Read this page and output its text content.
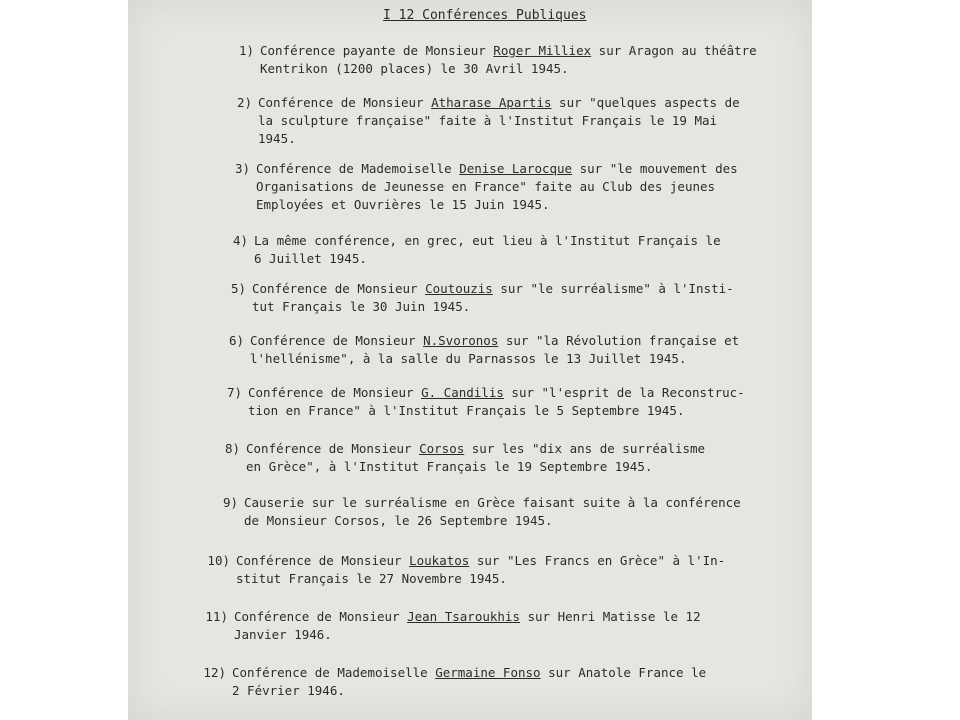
I 12 Conférences Publiques
1) Conférence payante de Monsieur Roger Milliex sur Aragon au théâtre
Kentrikon (1200 places) le 30 Avril 1945.
2) Conférence de Monsieur Atharase Apartis sur "quelques aspects de
la sculpture française" faite à l'Institut Français le 19 Mai
1945.
3) Conférence de Mademoiselle Denise Larocque sur "le mouvement des
Organisations de Jeunesse en France" faite au Club des jeunes
Employées et Ouvrières le 15 Juin 1945.
4) La même conférence, en grec, eut lieu à l'Institut Français le
6 Juillet 1945.
5) Conférence de Monsieur Coutouzis sur "le surréalisme" à l'Insti-
tut Français le 30 Juin 1945.
6) Conférence de Monsieur N.Svoronos sur "la Révolution française et
l'hellénisme", à la salle du Parnassos le 13 Juillet 1945.
7) Conférence de Monsieur G. Candilis sur "l'esprit de la Reconstruc-
tion en France" à l'Institut Français le 5 Septembre 1945.
8) Conférence de Monsieur Corsos sur les "dix ans de surréalisme
en Grèce", à l'Institut Français le 19 Septembre 1945.
9) Causerie sur le surréalisme en Grèce faisant suite à la conférence
de Monsieur Corsos, le 26 Septembre 1945.
10) Conférence de Monsieur Loukatos sur "Les Francs en Grèce" à l'In-
stitut Français le 27 Novembre 1945.
11) Conférence de Monsieur Jean Tsaroukhis sur Henri Matisse le 12
Janvier 1946.
12) Conférence de Mademoiselle Germaine Fonso sur Anatole France le
2 Février 1946.
